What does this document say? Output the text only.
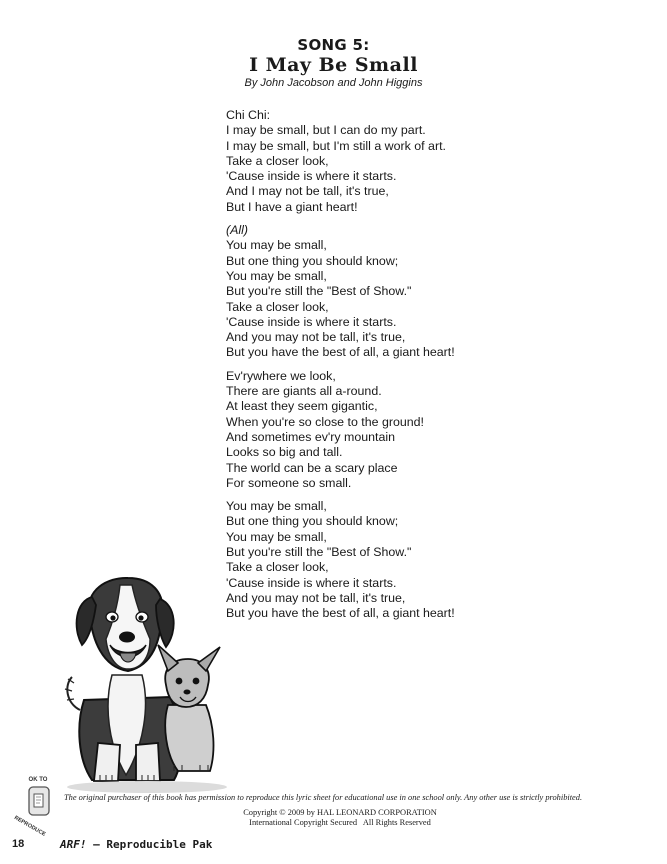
SONG 5:
I May Be Small
By John Jacobson and John Higgins
Chi Chi:
I may be small, but I can do my part.
I may be small, but I'm still a work of art.
Take a closer look,
'Cause inside is where it starts.
And I may not be tall, it's true,
But I have a giant heart!
(All)
You may be small,
But one thing you should know;
You may be small,
But you're still the "Best of Show."
Take a closer look,
'Cause inside is where it starts.
And you may not be tall, it's true,
But you have the best of all, a giant heart!
Ev'rywhere we look,
There are giants all a-round.
At least they seem gigantic,
When you're so close to the ground!
And sometimes ev'ry mountain
Looks so big and tall.
The world can be a scary place
For someone so small.
You may be small,
But one thing you should know;
You may be small,
But you're still the "Best of Show."
Take a closer look,
'Cause inside is where it starts.
And you may not be tall, it's true,
But you have the best of all, a giant heart!
OK TO
REPRODUCE
The original purchaser of this book has permission to reproduce this lyric sheet for educational use in one school only. Any other use is strictly prohibited.
Copyright © 2009 by HAL LEONARD CORPORATION
International Copyright Secured   All Rights Reserved
18	ARF! — Reproducible Pak
